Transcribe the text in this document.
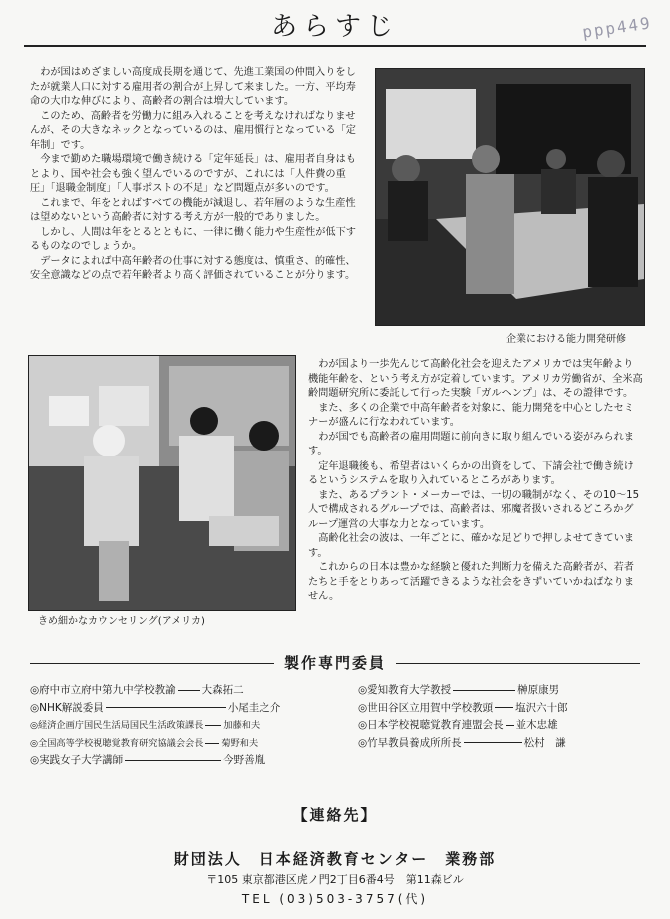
ppp449
あらすじ

わが国はめざましい高度成長期を通じて、先進工業国の仲間入りをしたが就業人口に対する雇用者の割合が上昇して来ました。一方、平均寿命の大巾な伸びにより、高齢者の割合は増大しています。

このため、高齢者を労働力に組み入れることを考えなければなりませんが、その大きなネックとなっているのは、雇用慣行となっている「定年制」です。

今まで勤めた職場環境で働き続ける「定年延長」は、雇用者自身はもとより、国や社会も強く望んでいるのですが、これには「人件費の重圧」「退職金制度」「人事ポストの不足」など問題点が多いのです。

これまで、年をとればすべての機能が減退し、若年層のような生産性は望めないという高齢者に対する考え方が一般的でありました。

しかし、人間は年をとるとともに、一律に働く能力や生産性が低下するものなのでしょうか。

データによれば中高年齢者の仕事に対する態度は、慎重さ、的確性、安全意識などの点で若年齢者より高く評価されていることが分ります。

企業における能力開発研修
きめ細かなカウンセリング(アメリカ)

わが国より一歩先んじて高齢化社会を迎えたアメリカでは実年齢より機能年齢を、という考え方が定着しています。アメリカ労働省が、全米高齢問題研究所に委託して行った実験「ガルヘンプ」は、その證律です。

また、多くの企業で中高年齢者を対象に、能力開発を中心としたセミナーが盛んに行なわれています。

わが国でも高齢者の雇用問題に前向きに取り組んでいる姿がみられます。

定年退職後も、希望者はいくらかの出資をして、下請会社で働き続けるというシステムを取り入れているところがあります。

また、あるプラント・メーカーでは、一切の職制がなく、その10〜15人で構成されるグループでは、高齢者は、邪魔者扱いされるどころかグループ運営の大事な力となっています。

高齢化社会の波は、一年ごとに、確かな足どりで押しよせてきています。

これからの日本は豊かな経験と優れた判断力を備えた高齢者が、若者たちと手をとりあって活躍できるような社会をきずいていかねばなりません。

製作専門委員
◎府中市立府中第九中学校教諭 大森拓二
◎NHK解説委員	小尾圭之介
◎経済企画庁国民生活局国民生活政策課長 加藤和夫
◎全国高等学校視聴覚教育研究協議会会長 菊野和夫
◎実践女子大学講師	今野善胤
◎愛知教育大学教授	榊原康男
◎世田谷区立用賀中学校教頭 塩沢六十郎
◎日本学校視聴覚教育連盟会長 並木忠雄
◎竹早教員養成所所長	松村　謙
【連絡先】
財団法人　日本経済教育センター　業務部
〒105 東京都港区虎ノ門2丁目6番4号　第11森ビル
TEL (03)503-3757(代)
